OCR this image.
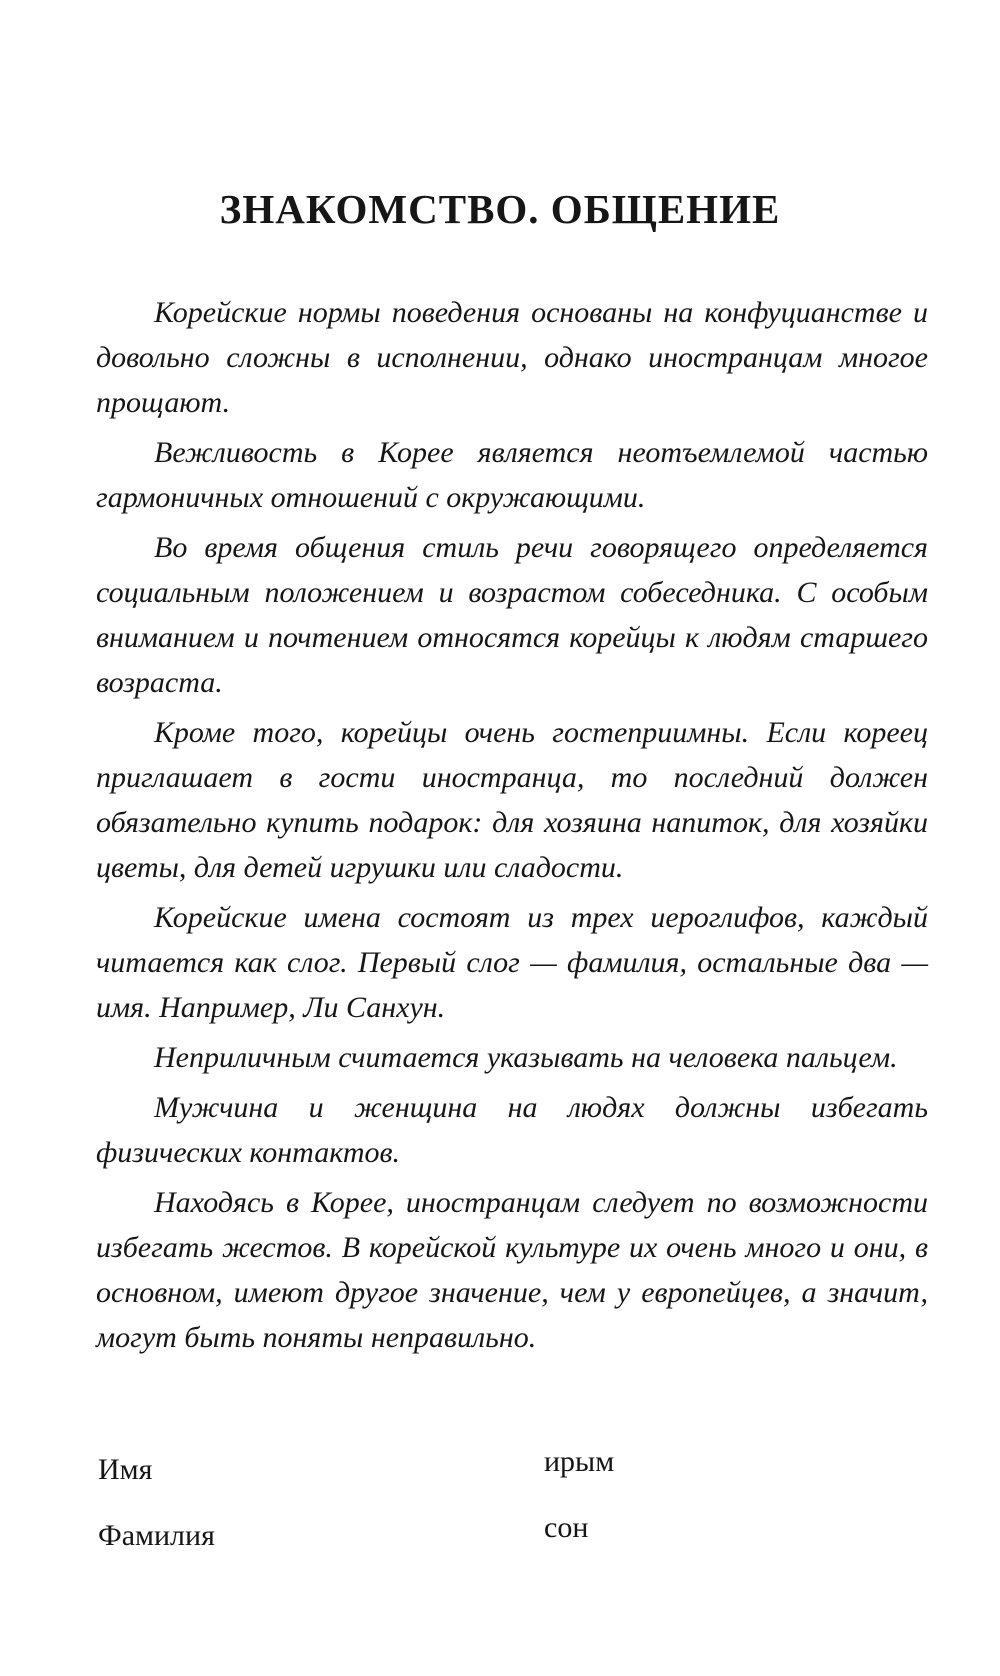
ЗНАКОМСТВО. ОБЩЕНИЕ

Корейские нормы поведения основаны на конфуцианстве и довольно сложны в исполнении, однако иностранцам многое прощают.

Вежливость в Корее является неотъемлемой частью гармоничных отношений с окружающими.

Во время общения стиль речи говорящего определяется социальным положением и возрастом собеседника. С особым вниманием и почтением относятся корейцы к людям старшего возраста.

Кроме того, корейцы очень гостеприимны. Если кореец приглашает в гости иностранца, то последний должен обязательно купить подарок: для хозяина напиток, для хозяйки цветы, для детей игрушки или сладости.

Корейские имена состоят из трех иероглифов, каждый читается как слог. Первый слог — фамилия, остальные два — имя. Например, Ли Санхун.

Неприличным считается указывать на человека пальцем.

Мужчина и женщина на людях должны избегать физических контактов.

Находясь в Корее, иностранцам следует по возможности избегать жестов. В корейской культуре их очень много и они, в основном, имеют другое значение, чем у европейцев, а значит, могут быть поняты неправильно.

Имя	ирым
Фамилия	сон
